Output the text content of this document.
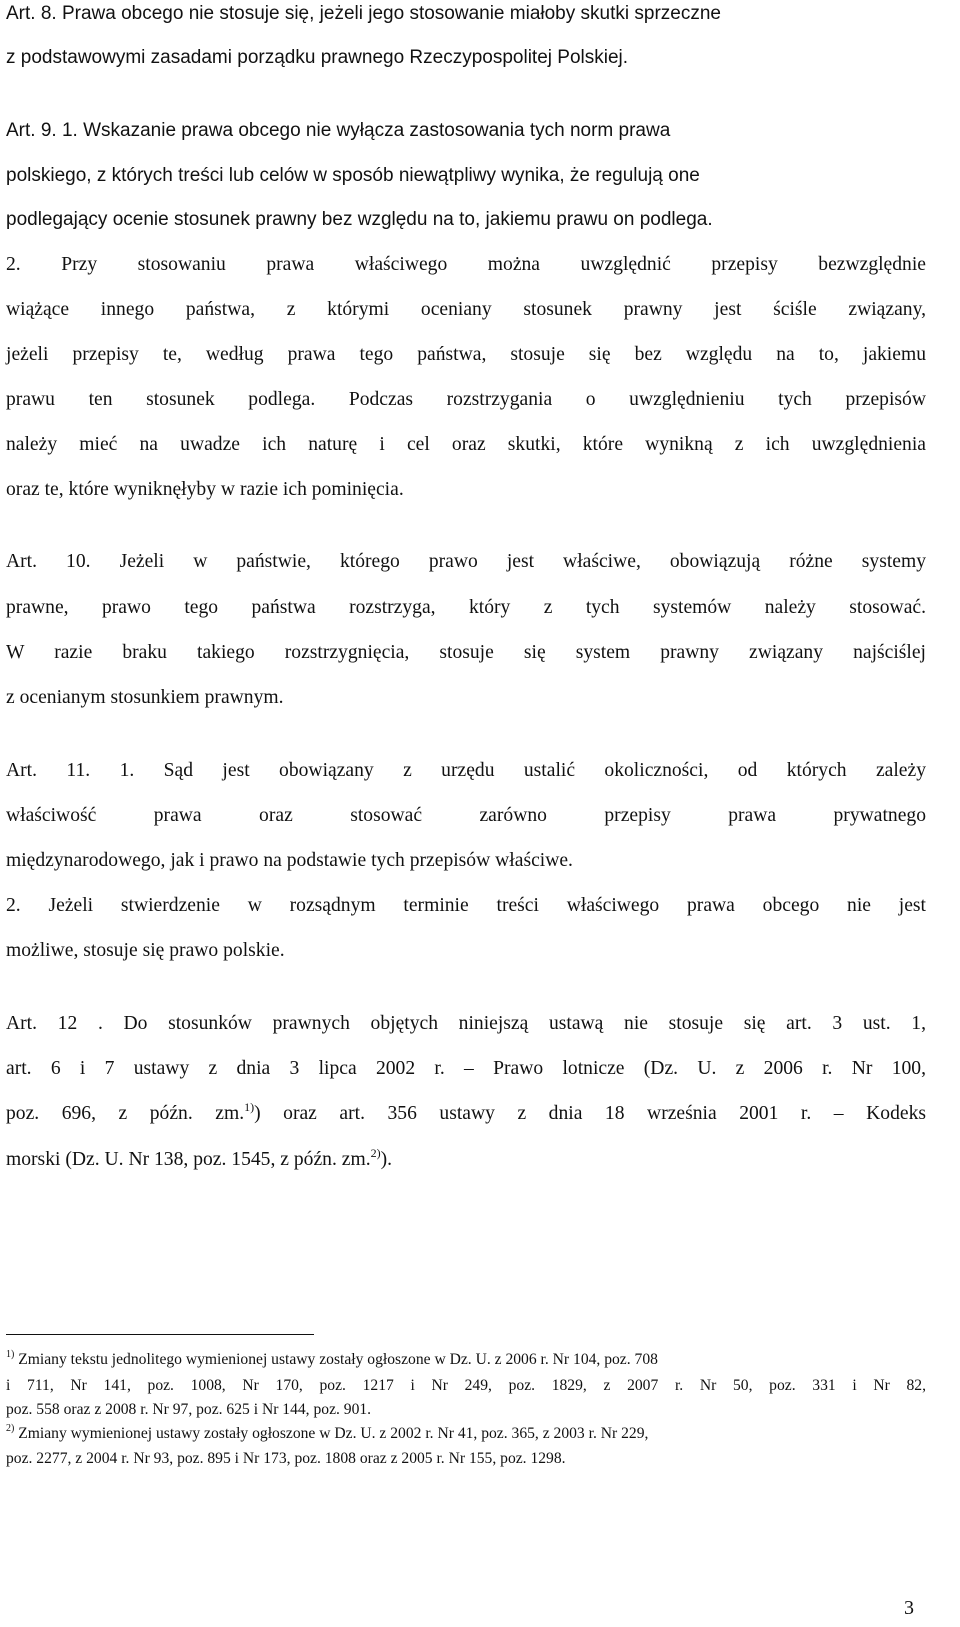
Art. 8. Prawa obcego nie stosuje się, jeżeli jego stosowanie miałoby skutki sprzeczne
z podstawowymi zasadami porządku prawnego Rzeczypospolitej Polskiej.
Art. 9. 1. Wskazanie prawa obcego nie wyłącza zastosowania tych norm prawa
polskiego, z których treści lub celów w sposób niewątpliwy wynika, że regulują one
podlegający ocenie stosunek prawny bez względu na to, jakiemu prawu on podlega.
2. Przy stosowaniu prawa właściwego można uwzględnić przepisy bezwzględnie
wiążące innego państwa, z którymi oceniany stosunek prawny jest ściśle związany,
jeżeli przepisy te, według prawa tego państwa, stosuje się bez względu na to, jakiemu
prawu ten stosunek podlega. Podczas rozstrzygania o uwzględnieniu tych przepisów
należy mieć na uwadze ich naturę i cel oraz skutki, które wynikną z ich uwzględnienia
oraz te, które wyniknęłyby w razie ich pominięcia.
Art. 10. Jeżeli w państwie, którego prawo jest właściwe, obowiązują różne systemy
prawne, prawo tego państwa rozstrzyga, który z tych systemów należy stosować.
W razie braku takiego rozstrzygnięcia, stosuje się system prawny związany najściślej
z ocenianym stosunkiem prawnym.
Art. 11. 1. Sąd jest obowiązany z urzędu ustalić okoliczności, od których zależy
właściwość prawa oraz stosować zarówno przepisy prawa prywatnego
międzynarodowego, jak i prawo na podstawie tych przepisów właściwe.
2. Jeżeli stwierdzenie w rozsądnym terminie treści właściwego prawa obcego nie jest
możliwe, stosuje się prawo polskie.
Art. 12 . Do stosunków prawnych objętych niniejszą ustawą nie stosuje się art. 3 ust. 1,
art. 6 i 7 ustawy z dnia 3 lipca 2002 r. – Prawo lotnicze (Dz. U. z 2006 r. Nr 100,
poz. 696, z późn. zm.$^{1)}$) oraz art. 356 ustawy z dnia 18 września 2001 r. – Kodeks
morski (Dz. U. Nr 138, poz. 1545, z późn. zm.$^{2)}$).
$^{1)}$ Zmiany tekstu jednolitego wymienionej ustawy zostały ogłoszone w Dz. U. z 2006 r. Nr 104, poz. 708
i 711, Nr 141, poz. 1008, Nr 170, poz. 1217 i Nr 249, poz. 1829, z 2007 r. Nr 50, poz. 331 i Nr 82,
poz. 558 oraz z 2008 r. Nr 97, poz. 625 i Nr 144, poz. 901.
$^{2)}$ Zmiany wymienionej ustawy zostały ogłoszone w Dz. U. z 2002 r. Nr 41, poz. 365, z 2003 r. Nr 229,
poz. 2277, z 2004 r. Nr 93, poz. 895 i Nr 173, poz. 1808 oraz z 2005 r. Nr 155, poz. 1298.
3
